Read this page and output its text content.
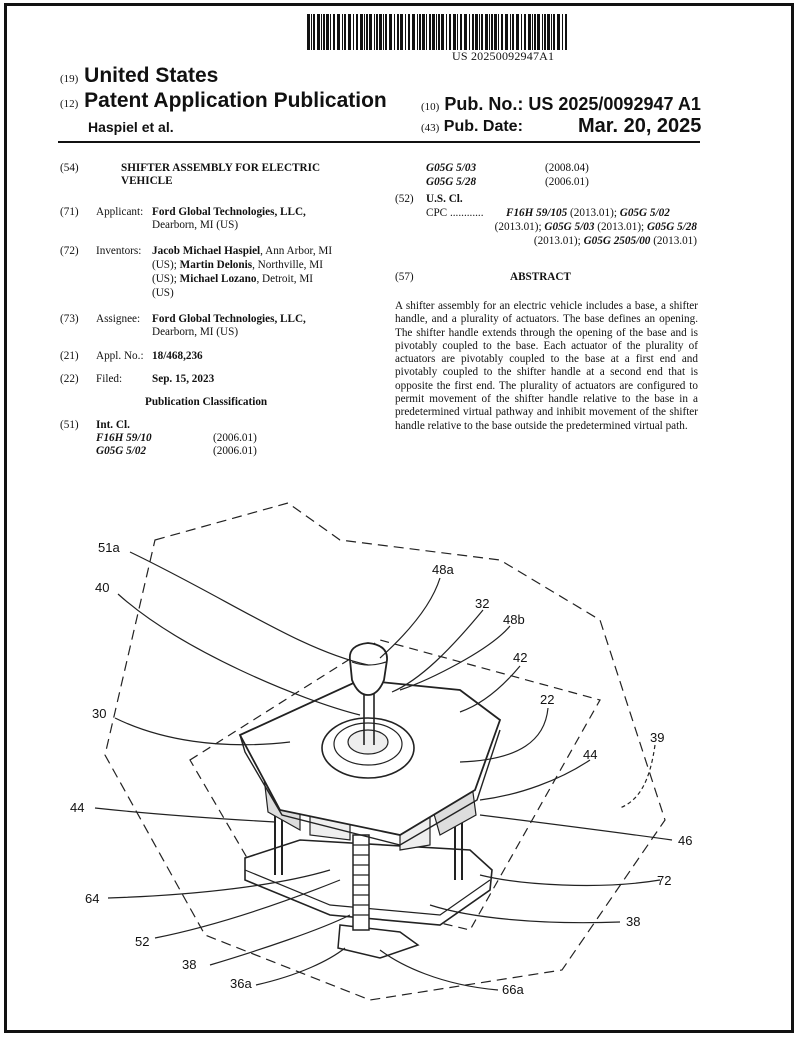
US 20250092947A1
(19) United States
(12) Patent Application Publication
Haspiel et al.
(10) Pub. No.: US 2025/0092947 A1
(43) Pub. Date:	Mar. 20, 2025
(54)	SHIFTER ASSEMBLY FOR ELECTRIC
VEHICLE
(71) Applicant: Ford Global Technologies, LLC,
Dearborn, MI (US)
(72) Inventors: Jacob Michael Haspiel, Ann Arbor, MI
(US); Martin Delonis, Northville, MI
(US); Michael Lozano, Detroit, MI
(US)
(73) Assignee: Ford Global Technologies, LLC,
Dearborn, MI (US)
(21) Appl. No.: 18/468,236
(22) Filed:	Sep. 15, 2023
Publication Classification
(51) Int. Cl.
F16H 59/10	(2006.01)
G05G 5/02	(2006.01)
G05G 5/03	(2008.04)
G05G 5/28	(2006.01)
(52) U.S. Cl.
CPC ............ F16H 59/105 (2013.01); G05G 5/02
(2013.01); G05G 5/03 (2013.01); G05G 5/28
(2013.01); G05G 2505/00 (2013.01)
(57)	ABSTRACT
A shifter assembly for an electric vehicle includes a base, a shifter handle, and a plurality of actuators. The base defines an opening. The shifter handle extends through the opening of the base and is pivotably coupled to the base. Each actuator of the plurality of actuators are pivotably coupled to the base at a first end and pivotably coupled to the shifter handle at a second end that is opposite the first end. The plurality of actuators are configured to permit movement of the shifter handle relative to the base in a predetermined virtual pathway and inhibit movement of the shifter handle relative to the base outside the predetermined virtual path.
51a
48a
40
32
48b
42
30
22
39
44
44
46
72
64
38
52
38
36a	66a
